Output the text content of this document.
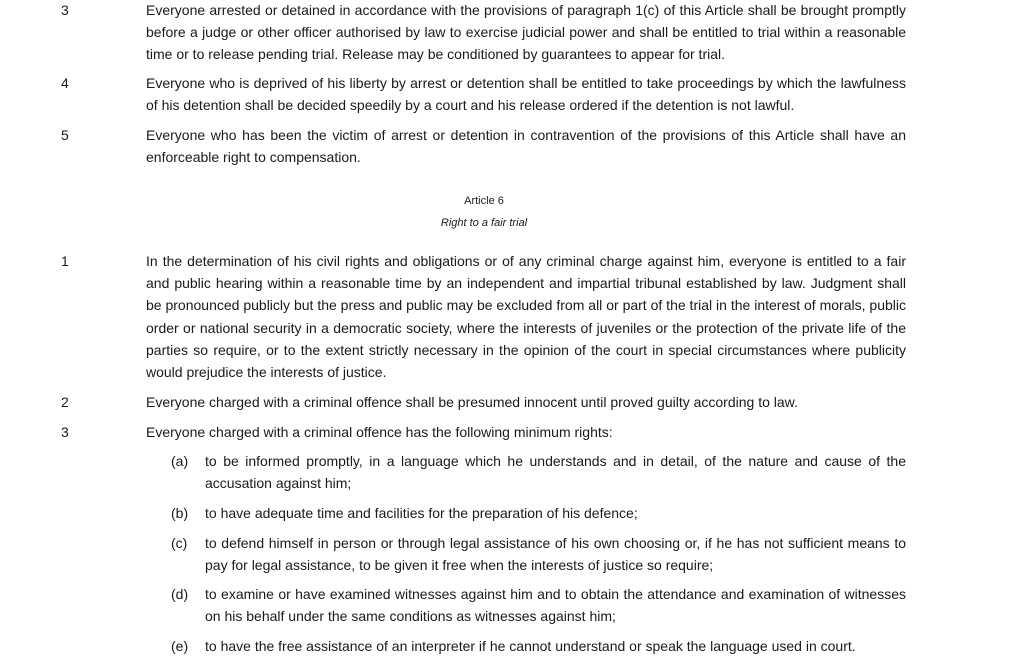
3	Everyone arrested or detained in accordance with the provisions of paragraph 1(c) of this Article shall be brought promptly before a judge or other officer authorised by law to exercise judicial power and shall be entitled to trial within a reasonable time or to release pending trial. Release may be conditioned by guarantees to appear for trial.
4	Everyone who is deprived of his liberty by arrest or detention shall be entitled to take proceedings by which the lawfulness of his detention shall be decided speedily by a court and his release ordered if the detention is not lawful.
5	Everyone who has been the victim of arrest or detention in contravention of the provisions of this Article shall have an enforceable right to compensation.
Article 6
Right to a fair trial
1	In the determination of his civil rights and obligations or of any criminal charge against him, everyone is entitled to a fair and public hearing within a reasonable time by an independent and impartial tribunal established by law. Judgment shall be pronounced publicly but the press and public may be excluded from all or part of the trial in the interest of morals, public order or national security in a democratic society, where the interests of juveniles or the protection of the private life of the parties so require, or to the extent strictly necessary in the opinion of the court in special circumstances where publicity would prejudice the interests of justice.
2	Everyone charged with a criminal offence shall be presumed innocent until proved guilty according to law.
3	Everyone charged with a criminal offence has the following minimum rights:
(a) to be informed promptly, in a language which he understands and in detail, of the nature and cause of the accusation against him;
(b) to have adequate time and facilities for the preparation of his defence;
(c) to defend himself in person or through legal assistance of his own choosing or, if he has not sufficient means to pay for legal assistance, to be given it free when the interests of justice so require;
(d) to examine or have examined witnesses against him and to obtain the attendance and examination of witnesses on his behalf under the same conditions as witnesses against him;
(e) to have the free assistance of an interpreter if he cannot understand or speak the language used in court.
